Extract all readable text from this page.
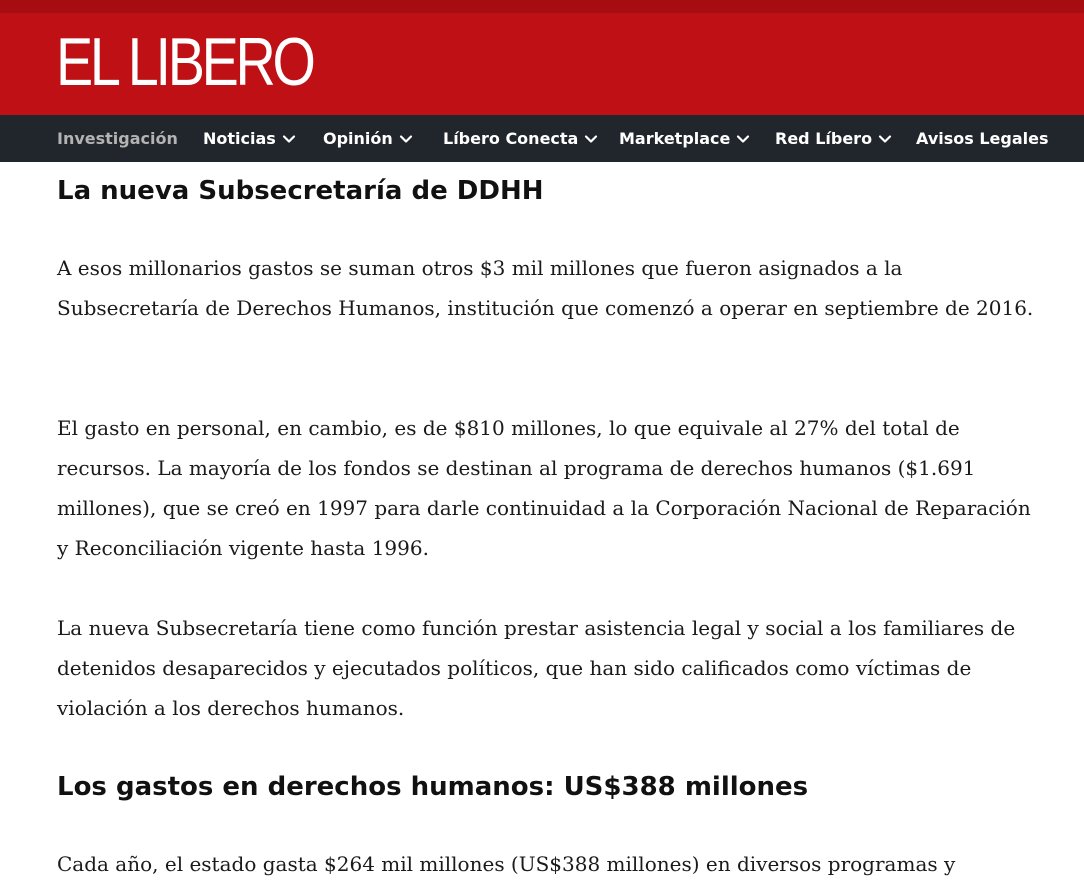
EL LIBERO
Investigación Noticias	Opinión	Líbero Conecta	Marketplace	Red Líbero	Avisos Legales
La nueva Subsecretaría de DDHH

A esos millonarios gastos se suman otros $3 mil millones que fueron asignados a la Subsecretaría de Derechos Humanos, institución que comenzó a operar en septiembre de 2016.

El gasto en personal, en cambio, es de $810 millones, lo que equivale al 27% del total de recursos. La mayoría de los fondos se destinan al programa de derechos humanos ($1.691 millones), que se creó en 1997 para darle continuidad a la Corporación Nacional de Reparación y Reconciliación vigente hasta 1996.

La nueva Subsecretaría tiene como función prestar asistencia legal y social a los familiares de detenidos desaparecidos y ejecutados políticos, que han sido calificados como víctimas de violación a los derechos humanos.

Los gastos en derechos humanos: US$388 millones

Cada año, el estado gasta $264 mil millones (US$388 millones) en diversos programas y
